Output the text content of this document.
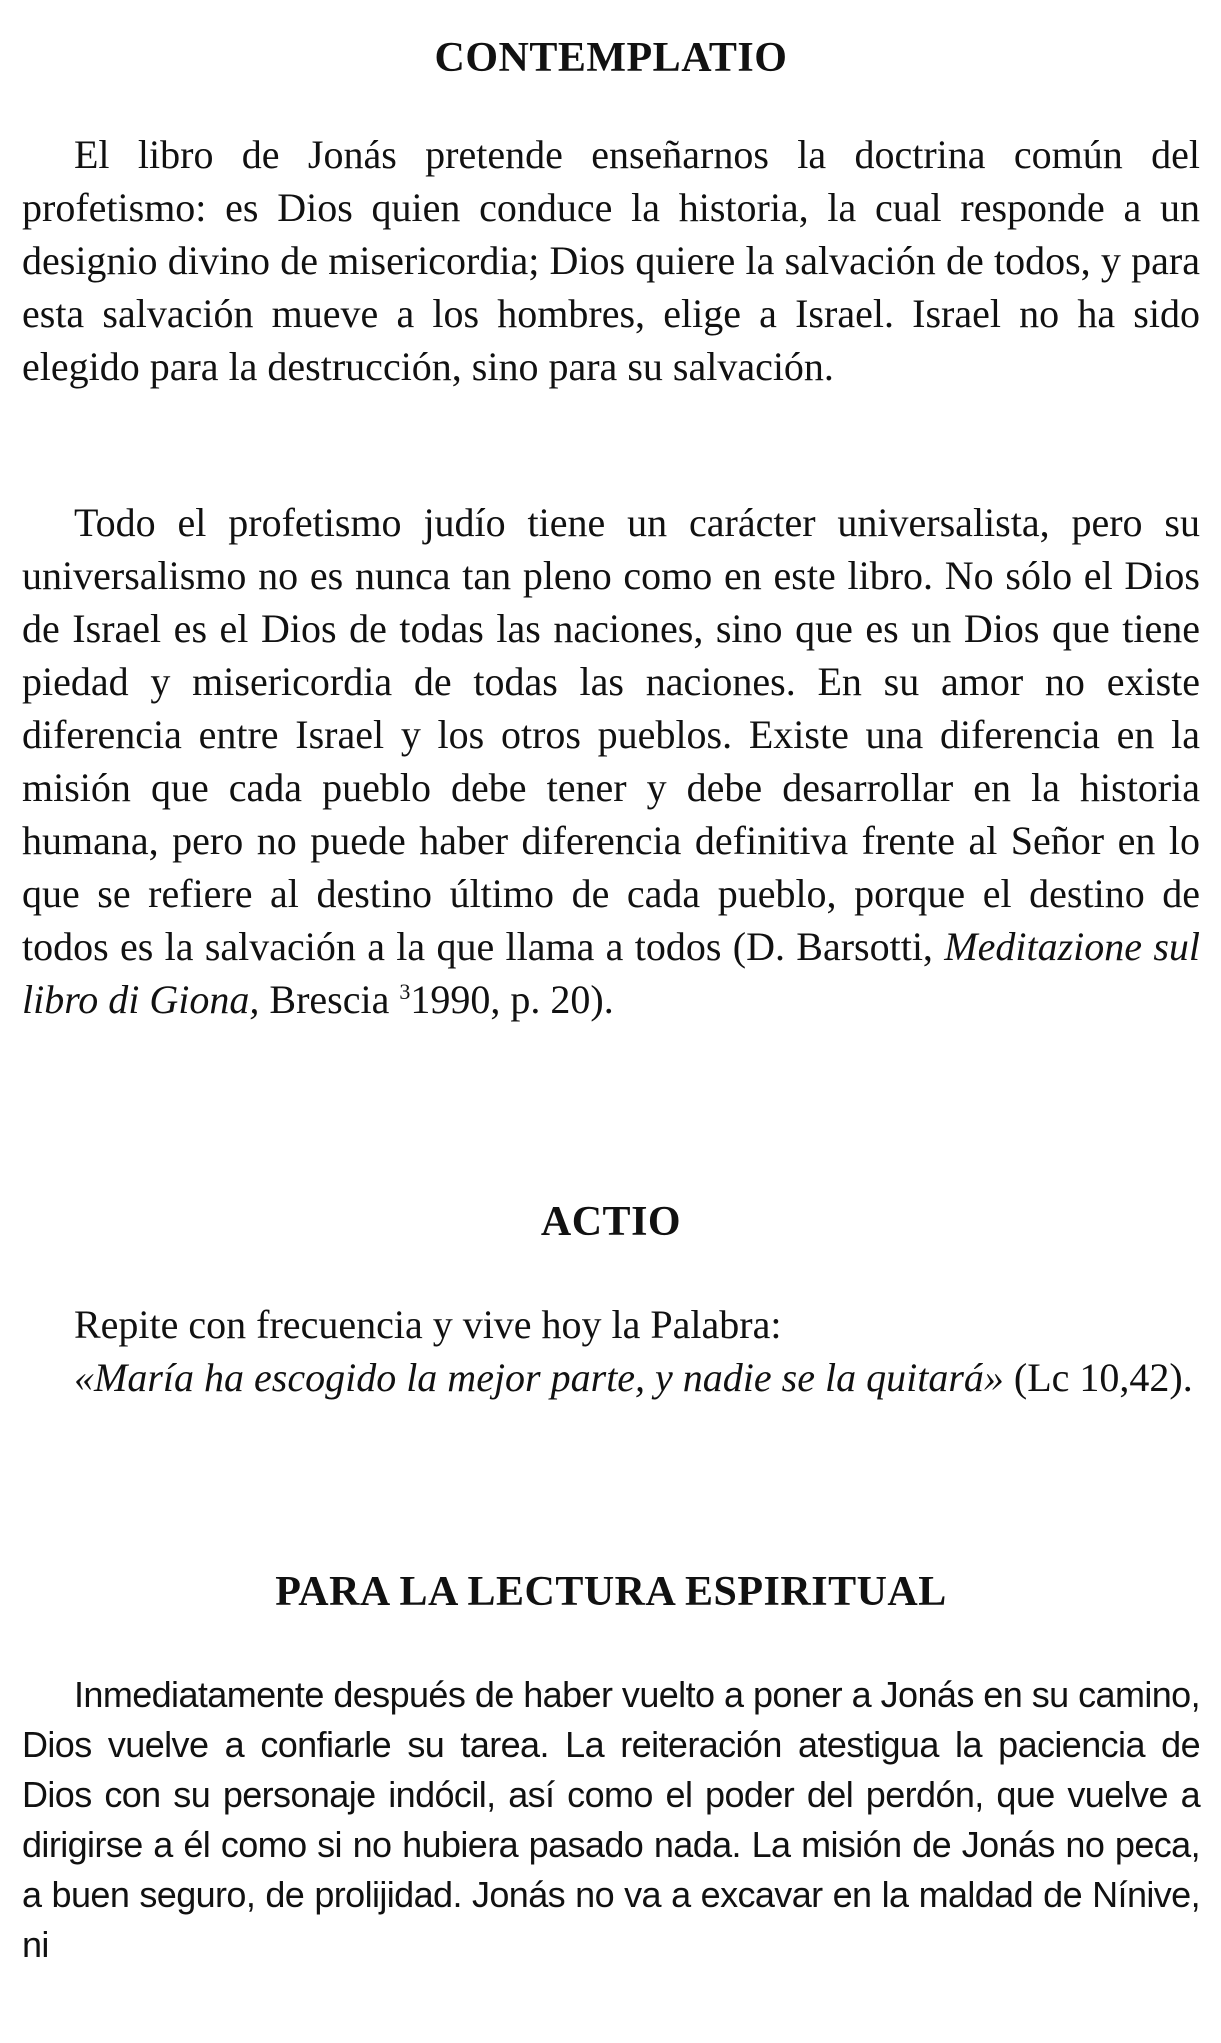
CONTEMPLATIO

El libro de Jonás pretende enseñarnos la doctrina común del profetismo: es Dios quien conduce la historia, la cual responde a un designio divino de misericordia; Dios quiere la salvación de todos, y para esta salvación mueve a los hombres, elige a Israel. Israel no ha sido elegido para la destrucción, sino para su salvación.

Todo el profetismo judío tiene un carácter universalista, pero su universalismo no es nunca tan pleno como en este libro. No sólo el Dios de Israel es el Dios de todas las naciones, sino que es un Dios que tiene piedad y misericordia de todas las naciones. En su amor no existe diferencia entre Israel y los otros pueblos. Existe una diferencia en la misión que cada pueblo debe tener y debe desarrollar en la historia humana, pero no puede haber diferencia definitiva frente al Señor en lo que se refiere al destino último de cada pueblo, porque el destino de todos es la salvación a la que llama a todos (D. Barsotti, Meditazione sul libro di Giona, Brescia $^3$1990, p. 20).

ACTIO

Repite con frecuencia y vive hoy la Palabra:

«María ha escogido la mejor parte, y nadie se la quitará» (Lc 10,42).

PARA LA LECTURA ESPIRITUAL

Inmediatamente después de haber vuelto a poner a Jonás en su camino, Dios vuelve a confiarle su tarea. La reiteración atestigua la paciencia de Dios con su personaje indócil, así como el poder del perdón, que vuelve a dirigirse a él como si no hubiera pasado nada. La misión de Jonás no peca, a buen seguro, de prolijidad. Jonás no va a excavar en la maldad de Nínive, ni
